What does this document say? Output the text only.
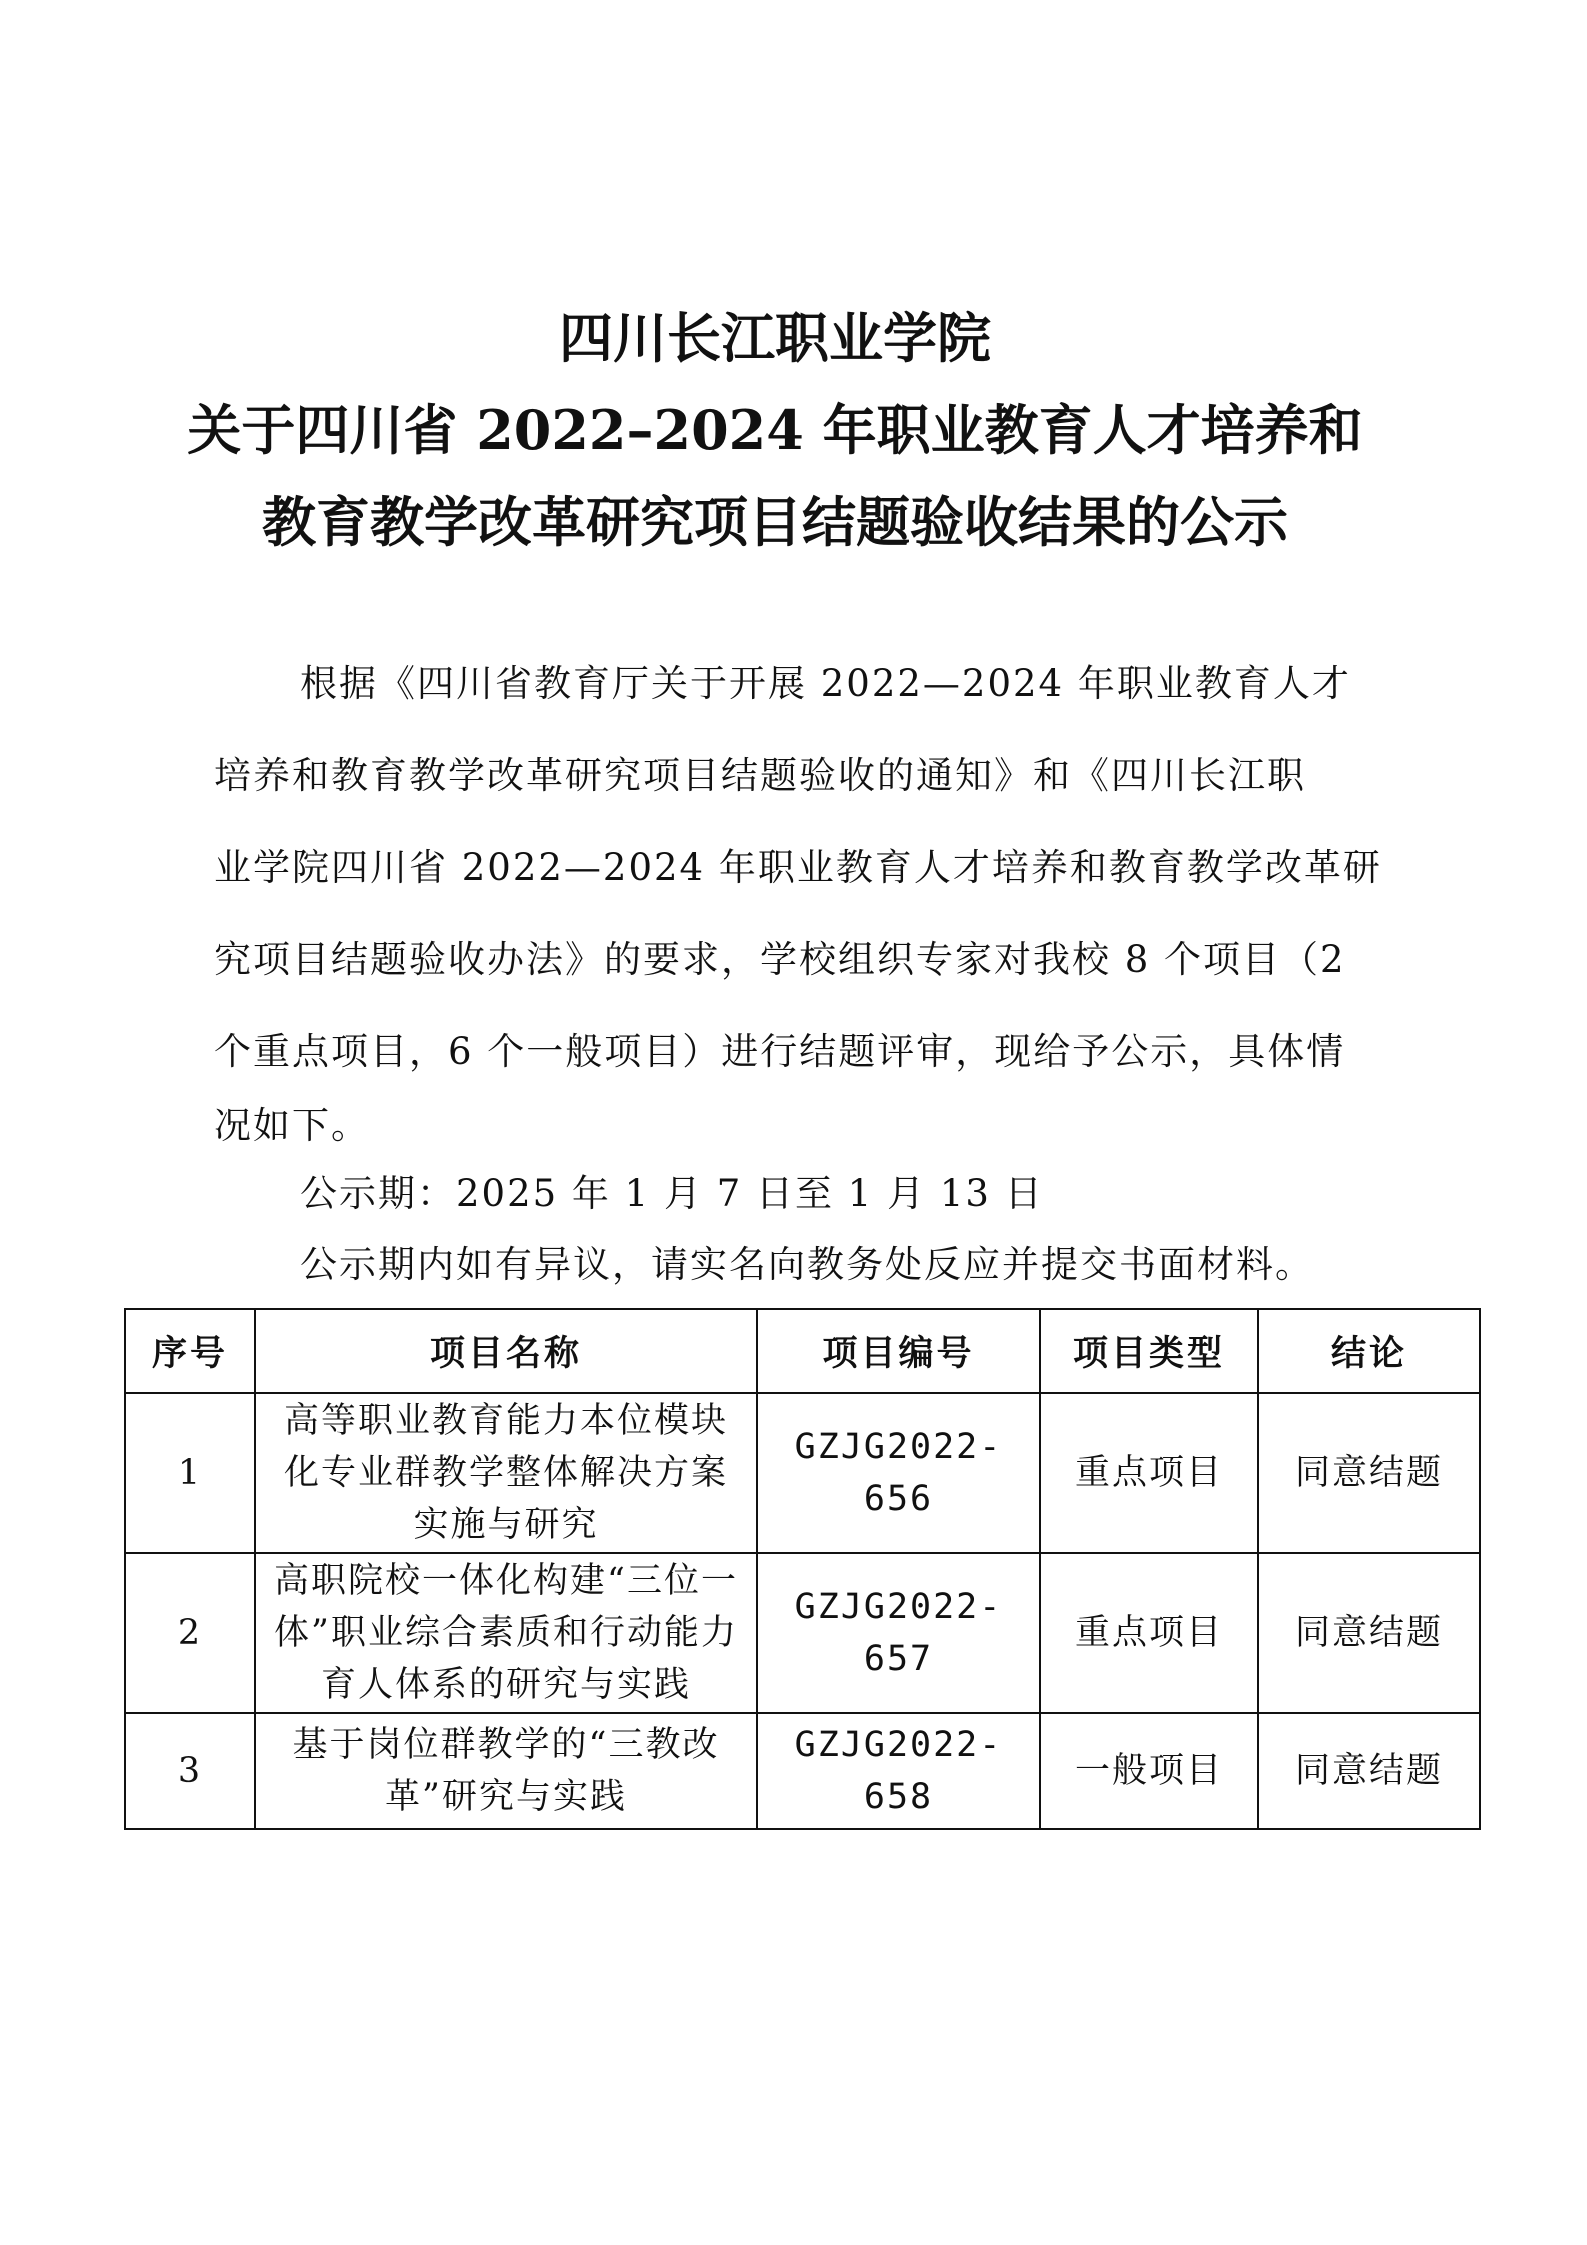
四川长江职业学院
关于四川省 2022–2024 年职业教育人才培养和
教育教学改革研究项目结题验收结果的公示
根据《四川省教育厅关于开展 2022—2024 年职业教育人才
培养和教育教学改革研究项目结题验收的通知》和《四川长江职
业学院四川省 2022—2024 年职业教育人才培养和教育教学改革研
究项目结题验收办法》的要求，学校组织专家对我校 8 个项目（2
个重点项目，6 个一般项目）进行结题评审，现给予公示，具体情
况如下。
公示期：2025 年 1 月 7 日至 1 月 13 日
公示期内如有异议，请实名向教务处反应并提交书面材料。
序号	项目名称	项目编号	项目类型	结论
1	高等职业教育能力本位模块
化专业群教学整体解决方案
实施与研究	GZJG2022-656	重点项目	同意结题
2	高职院校一体化构建“三位一
体”职业综合素质和行动能力
育人体系的研究与实践	GZJG2022-657	重点项目	同意结题
3	基于岗位群教学的“三教改
革”研究与实践	GZJG2022-658	一般项目	同意结题
